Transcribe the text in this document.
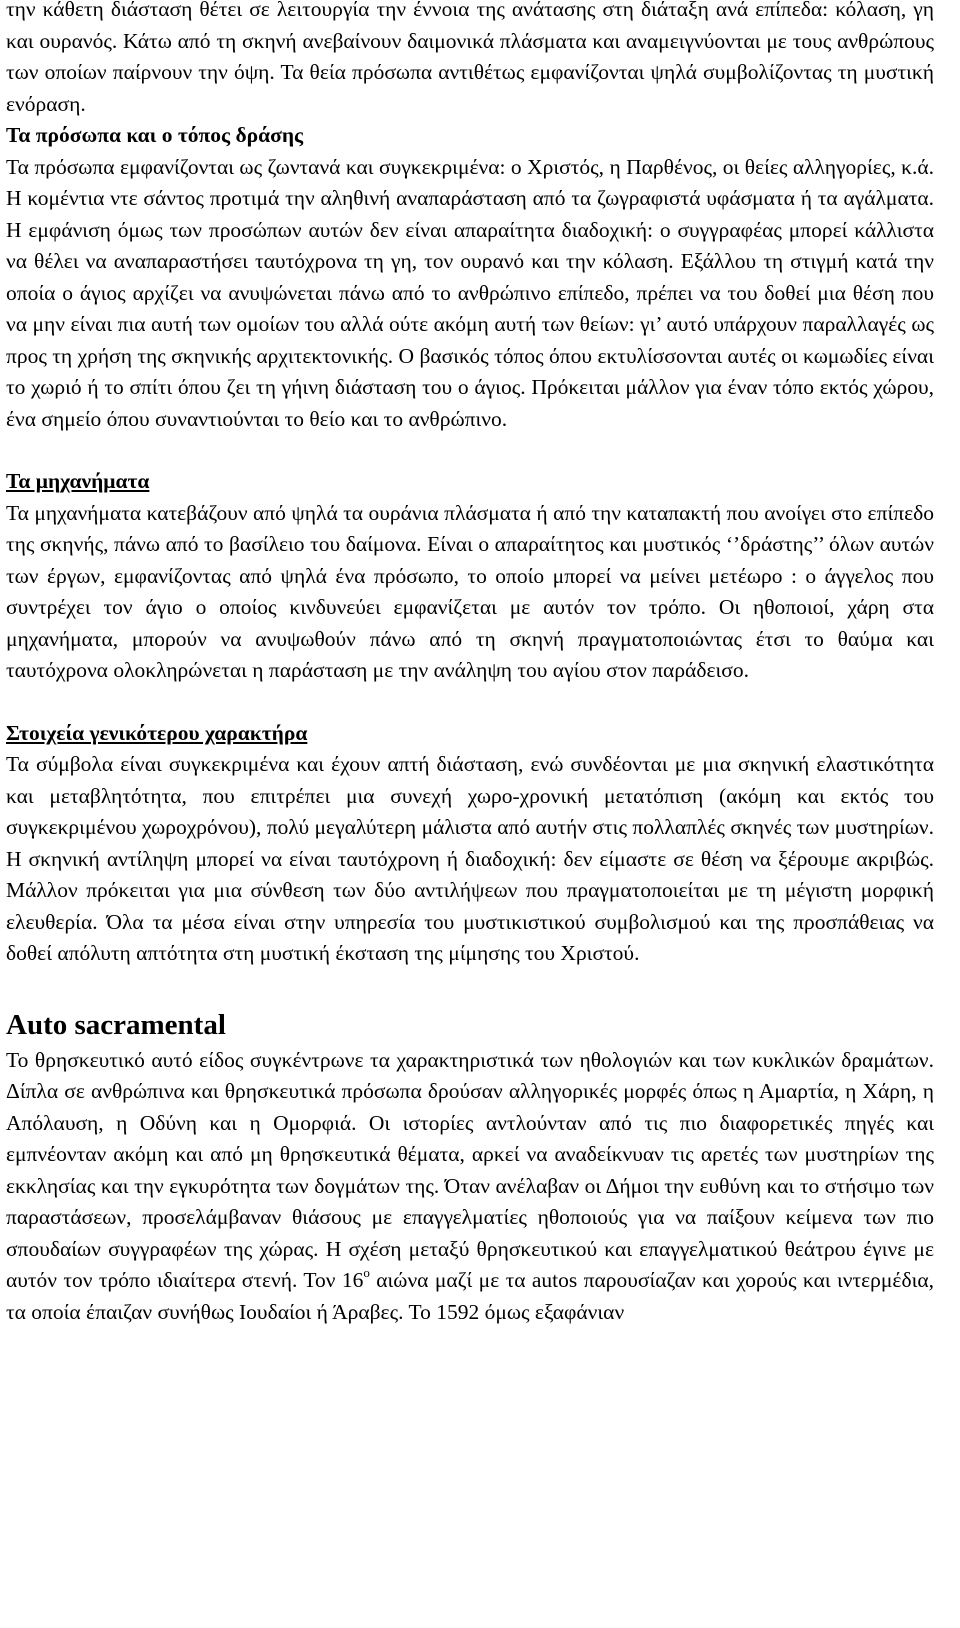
την κάθετη διάσταση θέτει σε λειτουργία την έννοια της ανάτασης στη διάταξη ανά επίπεδα: κόλαση, γη και ουρανός. Κάτω από τη σκηνή ανεβαίνουν δαιμονικά πλάσματα και αναμειγνύονται με τους ανθρώπους των οποίων παίρνουν την όψη. Τα θεία πρόσωπα αντιθέτως εμφανίζονται ψηλά συμβολίζοντας τη μυστική ενόραση.

Τα πρόσωπα και ο τόπος δράσης

Τα πρόσωπα εμφανίζονται ως ζωντανά και συγκεκριμένα: ο Χριστός, η Παρθένος, οι θείες αλληγορίες, κ.ά. Η κομέντια ντε σάντος προτιμά την αληθινή αναπαράσταση από τα ζωγραφιστά υφάσματα ή τα αγάλματα. Η εμφάνιση όμως των προσώπων αυτών δεν είναι απαραίτητα διαδοχική: ο συγγραφέας μπορεί κάλλιστα να θέλει να αναπαραστήσει ταυτόχρονα τη γη, τον ουρανό και την κόλαση. Εξάλλου τη στιγμή κατά την οποία ο άγιος αρχίζει να ανυψώνεται πάνω από το ανθρώπινο επίπεδο, πρέπει να του δοθεί μια θέση που να μην είναι πια αυτή των ομοίων του αλλά ούτε ακόμη αυτή των θείων: γι’ αυτό υπάρχουν παραλλαγές ως προς τη χρήση της σκηνικής αρχιτεκτονικής. Ο βασικός τόπος όπου εκτυλίσσονται αυτές οι κωμωδίες είναι το χωριό ή το σπίτι όπου ζει τη γήινη διάσταση του ο άγιος. Πρόκειται μάλλον για έναν τόπο εκτός χώρου, ένα σημείο όπου συναντιούνται το θείο και το ανθρώπινο.

Τα μηχανήματα

Τα μηχανήματα κατεβάζουν από ψηλά τα ουράνια πλάσματα ή από την καταπακτή που ανοίγει στο επίπεδο της σκηνής, πάνω από το βασίλειο του δαίμονα. Είναι ο απαραίτητος και μυστικός ‘’δράστης’’ όλων αυτών των έργων, εμφανίζοντας από ψηλά ένα πρόσωπο, το οποίο μπορεί να μείνει μετέωρο : ο άγγελος που συντρέχει τον άγιο ο οποίος κινδυνεύει εμφανίζεται με αυτόν τον τρόπο. Οι ηθοποιοί, χάρη στα μηχανήματα, μπορούν να ανυψωθούν πάνω από τη σκηνή πραγματοποιώντας έτσι το θαύμα και ταυτόχρονα ολοκληρώνεται η παράσταση με την ανάληψη του αγίου στον παράδεισο.

Στοιχεία γενικότερου χαρακτήρα

Τα σύμβολα είναι συγκεκριμένα και έχουν απτή διάσταση, ενώ συνδέονται με μια σκηνική ελαστικότητα και μεταβλητότητα, που επιτρέπει μια συνεχή χωρο-χρονική μετατόπιση (ακόμη και εκτός του συγκεκριμένου χωροχρόνου), πολύ μεγαλύτερη μάλιστα από αυτήν στις πολλαπλές σκηνές των μυστηρίων. Η σκηνική αντίληψη μπορεί να είναι ταυτόχρονη ή διαδοχική: δεν είμαστε σε θέση να ξέρουμε ακριβώς. Μάλλον πρόκειται για μια σύνθεση των δύο αντιλήψεων που πραγματοποιείται με τη μέγιστη μορφική ελευθερία. Όλα τα μέσα είναι στην υπηρεσία του μυστικιστικού συμβολισμού και της προσπάθειας να δοθεί απόλυτη απτότητα στη μυστική έκσταση της μίμησης του Χριστού.

Auto sacramental

Το θρησκευτικό αυτό είδος συγκέντρωνε τα χαρακτηριστικά των ηθολογιών και των κυκλικών δραμάτων. Δίπλα σε ανθρώπινα και θρησκευτικά πρόσωπα δρούσαν αλληγορικές μορφές όπως η Αμαρτία, η Χάρη, η Απόλαυση, η Οδύνη και η Ομορφιά. Οι ιστορίες αντλούνταν από τις πιο διαφορετικές πηγές και εμπνέονταν ακόμη και από μη θρησκευτικά θέματα, αρκεί να αναδείκνυαν τις αρετές των μυστηρίων της εκκλησίας και την εγκυρότητα των δογμάτων της. Όταν ανέλαβαν οι Δήμοι την ευθύνη και το στήσιμο των παραστάσεων, προσελάμβαναν θιάσους με επαγγελματίες ηθοποιούς για να παίξουν κείμενα των πιο σπουδαίων συγγραφέων της χώρας. Η σχέση μεταξύ θρησκευτικού και επαγγελματικού θεάτρου έγινε με αυτόν τον τρόπο ιδιαίτερα στενή. Τον $16^o$ αιώνα μαζί με τα autos παρουσίαζαν και χορούς και ιντερμέδια, τα οποία έπαιζαν συνήθως Ιουδαίοι ή Άραβες. Το 1592 όμως εξαφάνιαν
